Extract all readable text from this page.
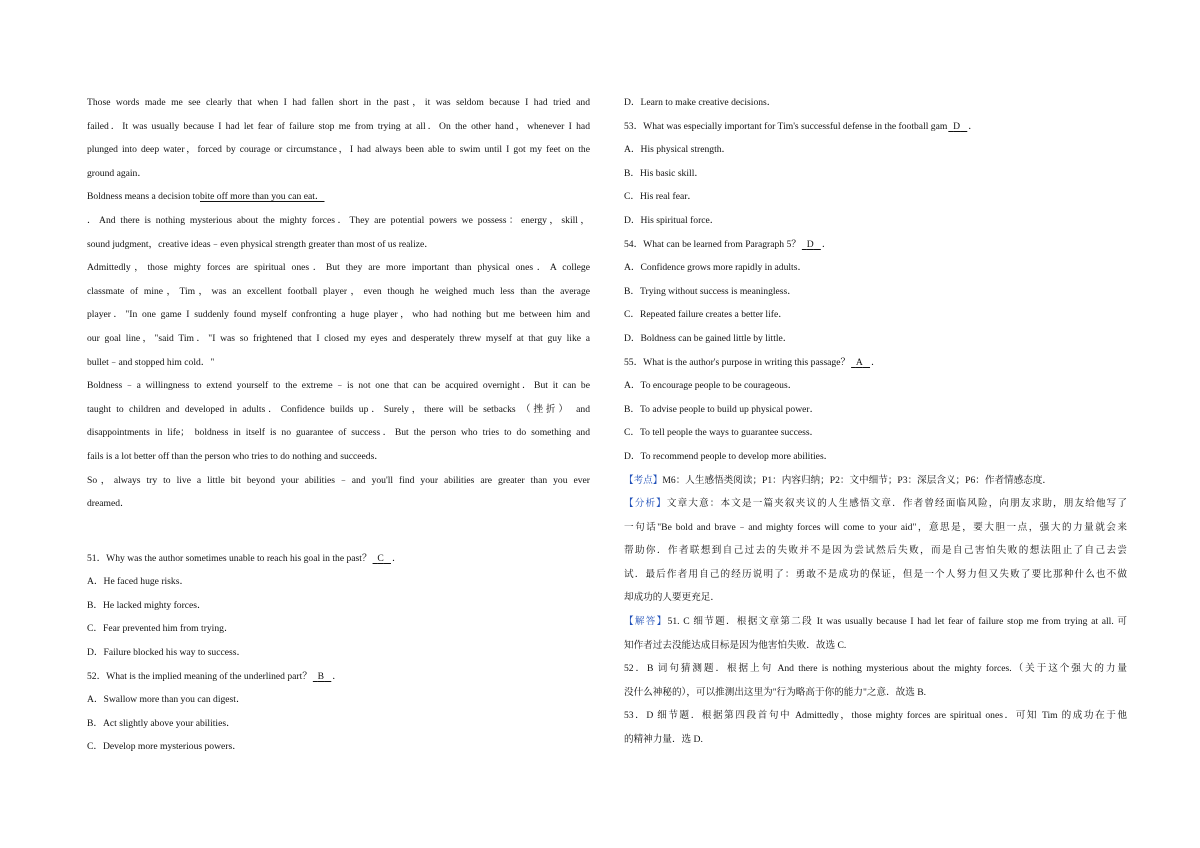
Those words made me see clearly that when I had fallen short in the past，it was seldom because I had tried and
failed．It was usually because I had let fear of failure stop me from trying at all．On the other hand，whenever I had
plunged into deep water，forced by courage or circumstance，I had always been able to swim until I got my feet on the
ground again．
Boldness means a decision tobite off more than you can eat．
．And there is nothing mysterious about the mighty forces．They are potential powers we possess：energy，skill，
sound judgment，creative ideas﹣even physical strength greater than most of us realize．
Admittedly，those mighty forces are spiritual ones．But they are more important than physical ones．A college
classmate of mine，Tim，was an excellent football player，even though he weighed much less than the average
player．"In one game I suddenly found myself confronting a huge player，who had nothing but me between him and
our goal line，"said Tim．"I was so frightened that I closed my eyes and desperately threw myself at that guy like a
bullet﹣and stopped him cold．"
Boldness﹣a willingness to extend yourself to the extreme﹣is not one that can be acquired overnight．But it can be
taught to children and developed in adults．Confidence builds up．Surely，there will be setbacks （挫折） and
disappointments in life； boldness in itself is no guarantee of success．But the person who tries to do something and
fails is a lot better off than the person who tries to do nothing and succeeds．
So，always try to live a little bit beyond your abilities﹣and you'll find your abilities are greater than you ever
dreamed．
51．Why was the author sometimes unable to reach his goal in the past？ C ．
A．He faced huge risks．
B．He lacked mighty forces．
C．Fear prevented him from trying．
D．Failure blocked his way to success．
52．What is the implied meaning of the underlined part？ B ．
A．Swallow more than you can digest．
B．Act slightly above your abilities．
C．Develop more mysterious powers．
D．Learn to make creative decisions．
53．What was especially important for Tim's successful defense in the football gam D ．
A．His physical strength．
B．His basic skill．
C．His real fear．
D．His spiritual force．
54．What can be learned from Paragraph 5？ D ．
A．Confidence grows more rapidly in adults．
B．Trying without success is meaningless．
C．Repeated failure creates a better life．
D．Boldness can be gained little by little．
55．What is the author's purpose in writing this passage？ A ．
A．To encourage people to be courageous．
B．To advise people to build up physical power．
C．To tell people the ways to guarantee success．
D．To recommend people to develop more abilities．
【考点】M6：人生感悟类阅读；P1：内容归纳；P2：文中细节；P3：深层含义；P6：作者情感态度．
【分析】文章大意：本文是一篇夹叙夹议的人生感悟文章．作者曾经面临风险，向朋友求助，朋友给他写了
一句话"Be bold and brave﹣and mighty forces will come to your aid"，意思是，要大胆一点，强大的力量就会来
帮助你．作者联想到自己过去的失败并不是因为尝试然后失败，而是自己害怕失败的想法阻止了自己去尝
试．最后作者用自己的经历说明了：勇敢不是成功的保证，但是一个人努力但又失败了要比那种什么也不做
却成功的人要更充足．
【解答】51. C 细节题．根据文章第二段 It was usually because I had let fear of failure stop me from trying at all. 可
知作者过去没能达成目标是因为他害怕失败．故选 C.
52．B 词句猜测题．根据上句 And there is nothing mysterious about the mighty forces.（关于这个强大的力量
没什么神秘的），可以推测出这里为"行为略高于你的能力"之意．故选 B.
53．D 细节题．根据第四段首句中 Admittedly，those mighty forces are spiritual ones．可知 Tim 的成功在于他
的精神力量．选 D.
